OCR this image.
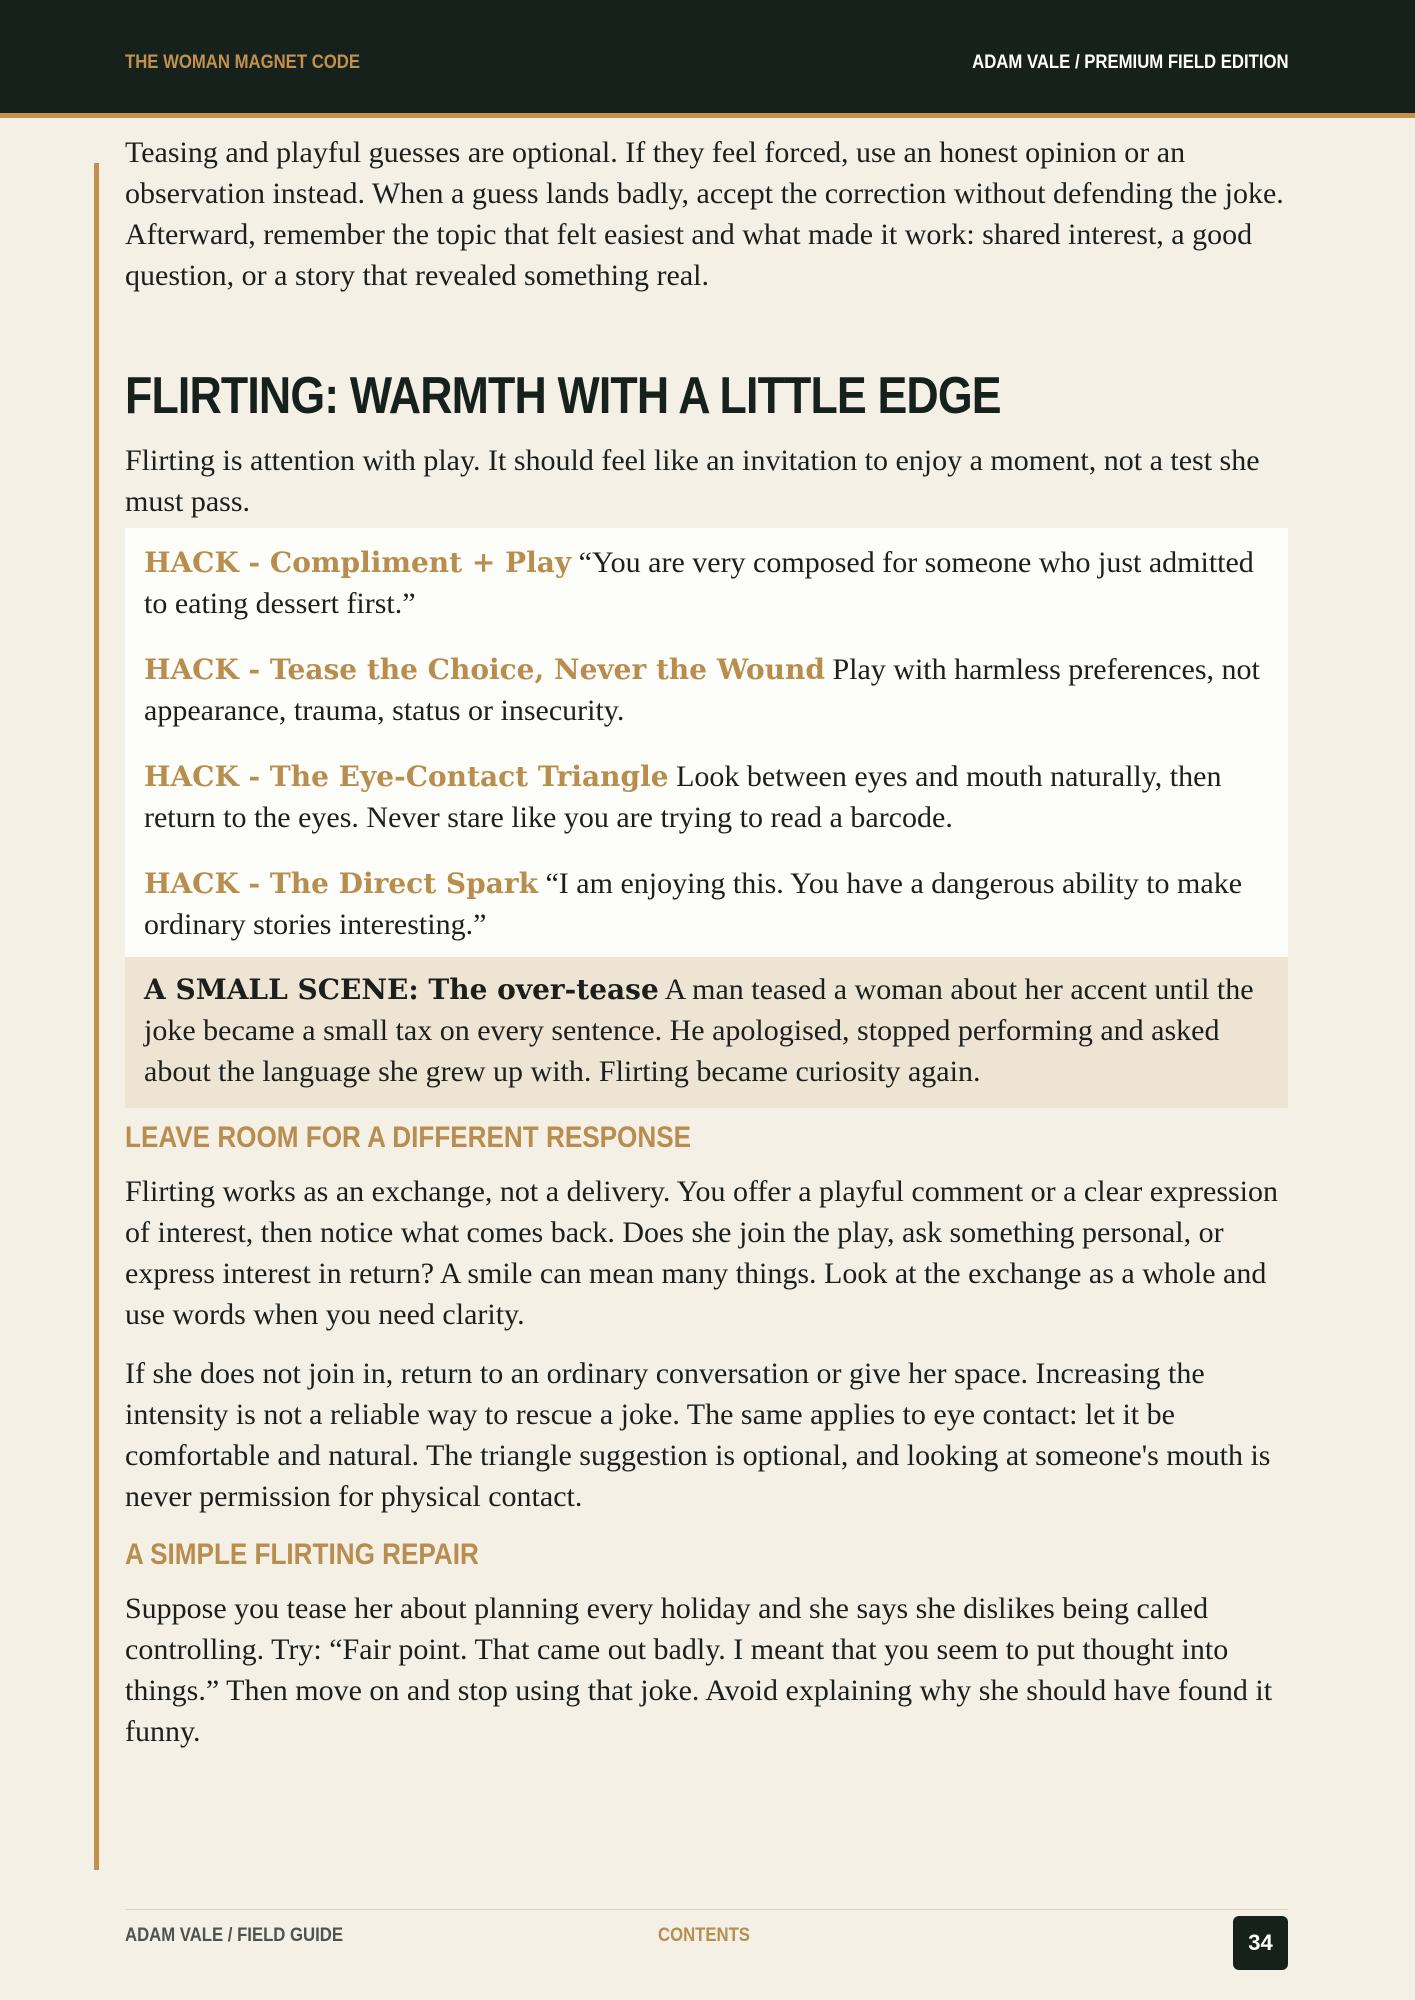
THE WOMAN MAGNET CODE	ADAM VALE / PREMIUM FIELD EDITION

Teasing and playful guesses are optional. If they feel forced, use an honest opinion or an observation instead. When a guess lands badly, accept the correction without defending the joke. Afterward, remember the topic that felt easiest and what made it work: shared interest, a good question, or a story that revealed something real.

FLIRTING: WARMTH WITH A LITTLE EDGE

Flirting is attention with play. It should feel like an invitation to enjoy a moment, not a test she must pass.

HACK - Compliment + Play “You are very composed for someone who just admitted to eating dessert first.”

HACK - Tease the Choice, Never the Wound Play with harmless preferences, not appearance, trauma, status or insecurity.

HACK - The Eye-Contact Triangle Look between eyes and mouth naturally, then return to the eyes. Never stare like you are trying to read a barcode.

HACK - The Direct Spark “I am enjoying this. You have a dangerous ability to make ordinary stories interesting.”

A SMALL SCENE: The over-tease A man teased a woman about her accent until the joke became a small tax on every sentence. He apologised, stopped performing and asked about the language she grew up with. Flirting became curiosity again.

LEAVE ROOM FOR A DIFFERENT RESPONSE

Flirting works as an exchange, not a delivery. You offer a playful comment or a clear expression of interest, then notice what comes back. Does she join the play, ask something personal, or express interest in return? A smile can mean many things. Look at the exchange as a whole and use words when you need clarity.

If she does not join in, return to an ordinary conversation or give her space. Increasing the intensity is not a reliable way to rescue a joke. The same applies to eye contact: let it be comfortable and natural. The triangle suggestion is optional, and looking at someone's mouth is never permission for physical contact.

A SIMPLE FLIRTING REPAIR

Suppose you tease her about planning every holiday and she says she dislikes being called controlling. Try: “Fair point. That came out badly. I meant that you seem to put thought into things.” Then move on and stop using that joke. Avoid explaining why she should have found it funny.

ADAM VALE / FIELD GUIDE	CONTENTS	34
